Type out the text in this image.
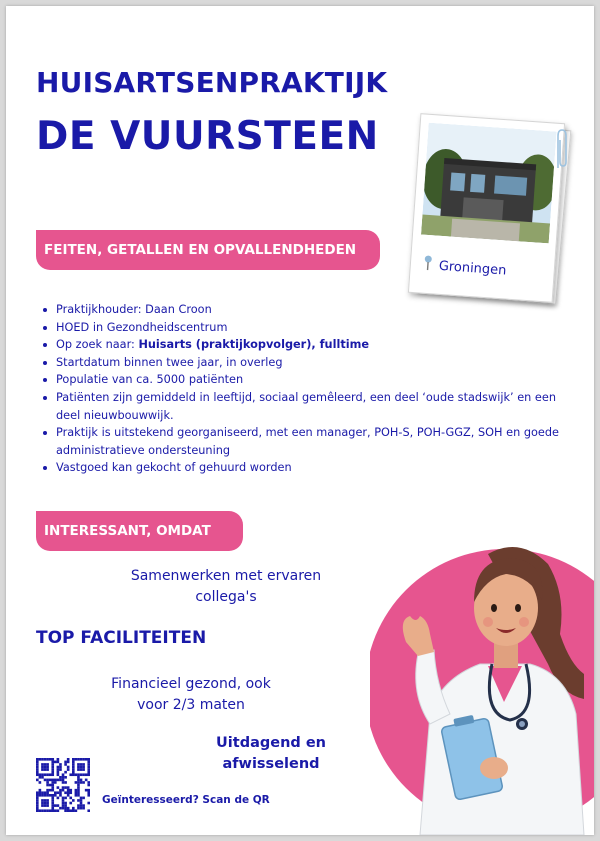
HUISARTSENPRAKTIJK
DE VUURSTEEN
Groningen
FEITEN, GETALLEN EN OPVALLENDHEDEN
Praktijkhouder: Daan Croon
HOED in Gezondheidscentrum
Op zoek naar: Huisarts (praktijkopvolger), fulltime
Startdatum binnen twee jaar, in overleg
Populatie van ca. 5000 patiënten
Patiënten zijn gemiddeld in leeftijd, sociaal gemêleerd, een deel ‘oude stadswijk’ en een deel nieuwbouwwijk.
Praktijk is uitstekend georganiseerd, met een manager, POH-S, POH-GGZ, SOH en goede administratieve ondersteuning
Vastgoed kan gekocht of gehuurd worden
INTERESSANT, OMDAT
Samenwerken met ervaren collega's
TOP FACILITEITEN
Financieel gezond, ook voor 2/3 maten
Uitdagend en afwisselend
Geïnteresseerd? Scan de QR
